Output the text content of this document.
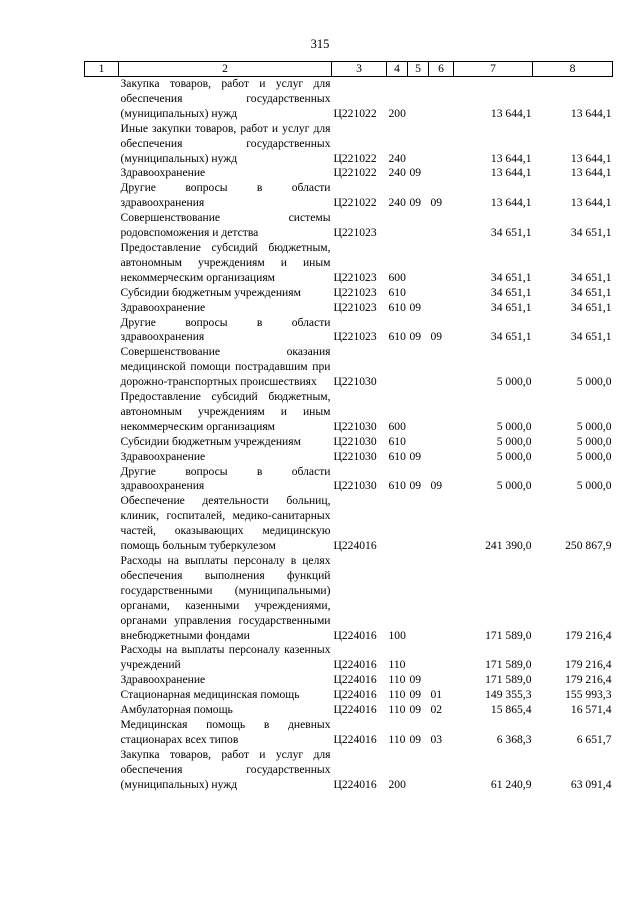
315
1	2	3	4	5	6	7	8
	Закупка товаров, работ и услуг для обеспечения государственных (муниципальных) нужд	Ц221022	200			13 644,1	13 644,1
	Иные закупки товаров, работ и услуг для обеспечения государственных (муниципальных) нужд	Ц221022	240			13 644,1	13 644,1
	Здравоохранение	Ц221022	240	09		13 644,1	13 644,1
	Другие вопросы в области здравоохранения	Ц221022	240	09	09	13 644,1	13 644,1
	Совершенствование системы родовспоможения и детства	Ц221023				34 651,1	34 651,1
	Предоставление субсидий бюджетным, автономным учреждениям и иным некоммерческим организациям	Ц221023	600			34 651,1	34 651,1
	Субсидии бюджетным учреждениям	Ц221023	610			34 651,1	34 651,1
	Здравоохранение	Ц221023	610	09		34 651,1	34 651,1
	Другие вопросы в области здравоохранения	Ц221023	610	09	09	34 651,1	34 651,1
	Совершенствование оказания медицинской помощи пострадавшим при дорожно-транспортных происшествиях	Ц221030				5 000,0	5 000,0
	Предоставление субсидий бюджетным, автономным учреждениям и иным некоммерческим организациям	Ц221030	600			5 000,0	5 000,0
	Субсидии бюджетным учреждениям	Ц221030	610			5 000,0	5 000,0
	Здравоохранение	Ц221030	610	09		5 000,0	5 000,0
	Другие вопросы в области здравоохранения	Ц221030	610	09	09	5 000,0	5 000,0
	Обеспечение деятельности больниц, клиник, госпиталей, медико-санитарных частей, оказывающих медицинскую помощь больным туберкулезом	Ц224016				241 390,0	250 867,9
	Расходы на выплаты персоналу в целях обеспечения выполнения функций государственными (муниципальными) органами, казенными учреждениями, органами управления государственными внебюджетными фондами	Ц224016	100			171 589,0	179 216,4
	Расходы на выплаты персоналу казенных учреждений	Ц224016	110			171 589,0	179 216,4
	Здравоохранение	Ц224016	110	09		171 589,0	179 216,4
	Стационарная медицинская помощь	Ц224016	110	09	01	149 355,3	155 993,3
	Амбулаторная помощь	Ц224016	110	09	02	15 865,4	16 571,4
	Медицинская помощь в дневных стационарах всех типов	Ц224016	110	09	03	6 368,3	6 651,7
	Закупка товаров, работ и услуг для обеспечения государственных (муниципальных) нужд	Ц224016	200			61 240,9	63 091,4
